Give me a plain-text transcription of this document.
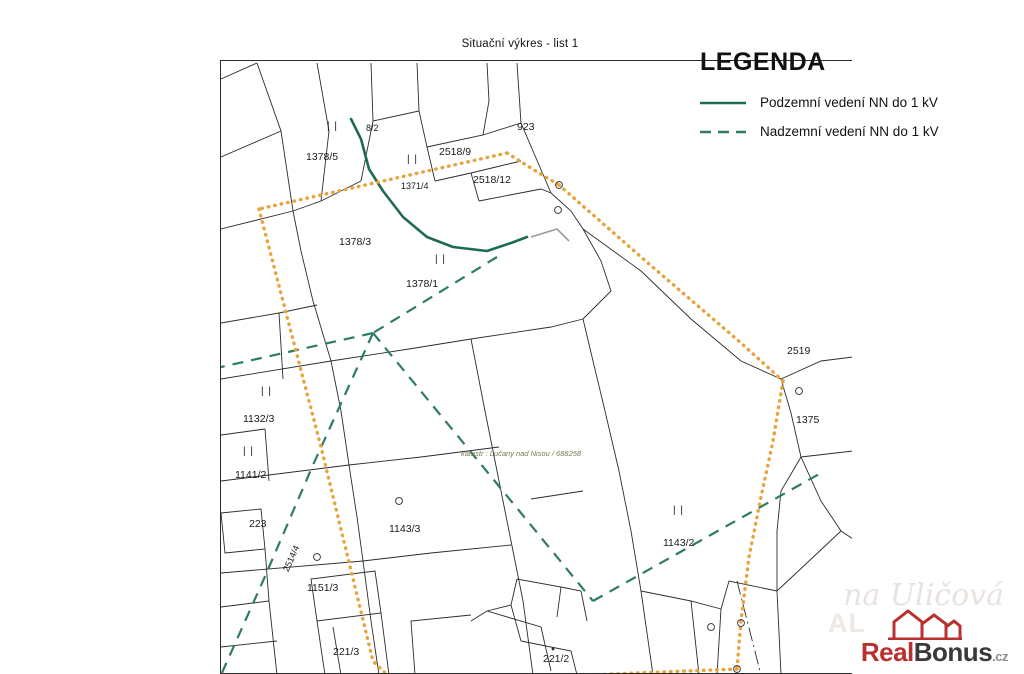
Situační výkres - list 1
1378/5	2518/9
923
8/2
2518/12
1371/4
1378/3
1378/1
2519
1375
1132/3
1141/2
223	1143/3
1143/2
1151/3
221/3
221/2
2514/4
katastr : Lučany nad Nisou / 688258
| |
| |
| |
| |
| |
| |
LEGENDA
Podzemní vedení NN do 1 kV
Nadzemní vedení NN do 1 kV
na Uličová
AL
RealBonus.cz
